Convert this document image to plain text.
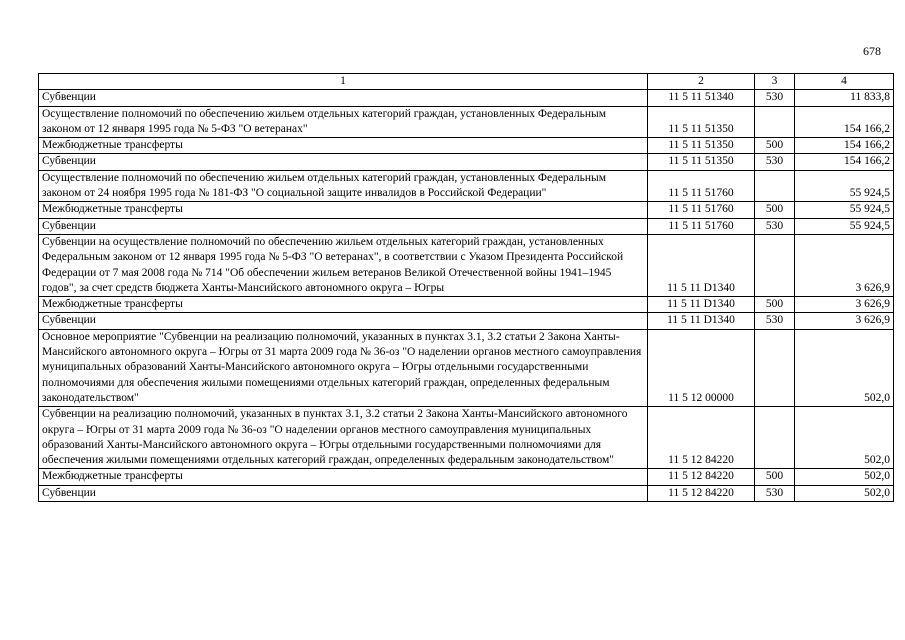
678
1	2	3	4
Субвенции	11 5 11 51340	530	11 833,8
Осуществление полномочий по обеспечению жильем отдельных категорий граждан, установленных Федеральным законом от 12 января 1995 года № 5-ФЗ "О ветеранах"	11 5 11 51350		154 166,2
Межбюджетные трансферты	11 5 11 51350	500	154 166,2
Субвенции	11 5 11 51350	530	154 166,2
Осуществление полномочий по обеспечению жильем отдельных категорий граждан, установленных Федеральным законом от 24 ноября 1995 года № 181-ФЗ "О социальной защите инвалидов в Российской Федерации"	11 5 11 51760		55 924,5
Межбюджетные трансферты	11 5 11 51760	500	55 924,5
Субвенции	11 5 11 51760	530	55 924,5
Субвенции на осуществление полномочий по обеспечению жильем отдельных категорий граждан, установленных Федеральным законом от 12 января 1995 года № 5-ФЗ "О ветеранах", в соответствии с Указом Президента Российской Федерации от 7 мая 2008 года № 714 "Об обеспечении жильем ветеранов Великой Отечественной войны 1941–1945 годов", за счет средств бюджета Ханты-Мансийского автономного округа – Югры	11 5 11 D1340		3 626,9
Межбюджетные трансферты	11 5 11 D1340	500	3 626,9
Субвенции	11 5 11 D1340	530	3 626,9
Основное мероприятие "Субвенции на реализацию полномочий, указанных в пунктах 3.1, 3.2 статьи 2 Закона Ханты-Мансийского автономного округа – Югры от 31 марта 2009 года № 36-оз "О наделении органов местного самоуправления муниципальных образований Ханты-Мансийского автономного округа – Югры отдельными государственными полномочиями для обеспечения жилыми помещениями отдельных категорий граждан, определенных федеральным законодательством"	11 5 12 00000		502,0
Субвенции на реализацию полномочий, указанных в пунктах 3.1, 3.2 статьи 2 Закона Ханты-Мансийского автономного округа – Югры от 31 марта 2009 года № 36-оз "О наделении органов местного самоуправления муниципальных образований Ханты-Мансийского автономного округа – Югры отдельными государственными полномочиями для обеспечения жилыми помещениями отдельных категорий граждан, определенных федеральным законодательством"	11 5 12 84220		502,0
Межбюджетные трансферты	11 5 12 84220	500	502,0
Субвенции	11 5 12 84220	530	502,0
